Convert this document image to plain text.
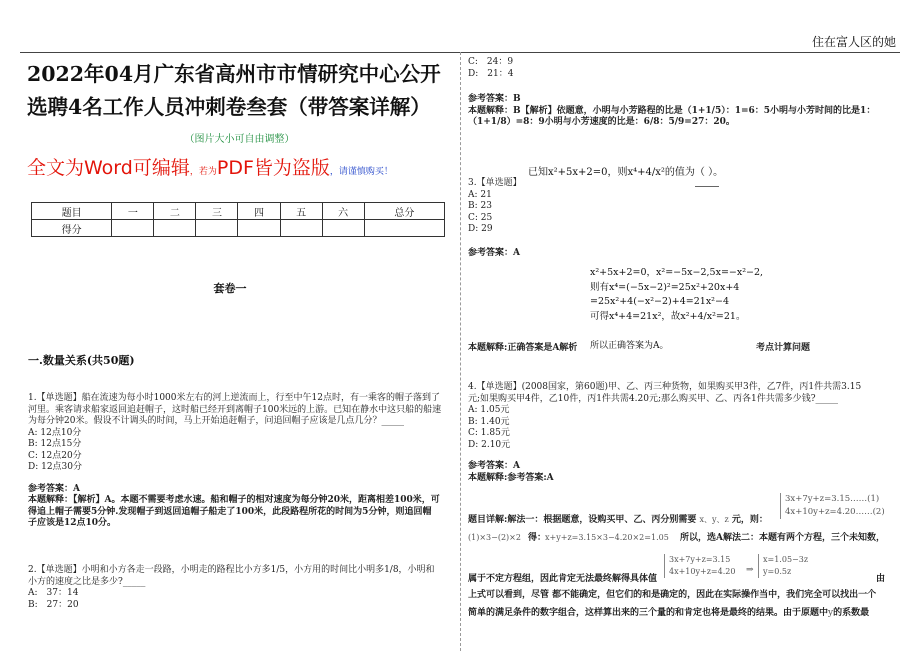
住在富人区的她

2022年04月广东省高州市市情研究中心公开

选聘4名工作人员冲刺卷叁套（带答案详解）

（图片大小可自由调整）
全文为Word可编辑，若为PDF皆为盗版，请谨慎购买！
题目	一	二	三	四	五	六	总分
得分							
套卷一
一.数量关系(共50题)
1.【单选题】船在流速为每小时1000米左右的河上逆流而上，行至中午12点时，有一乘客的帽子落到了
河里。乘客请求船家返回追赶帽子，这时船已经开到离帽子100米远的上游。已知在静水中这只船的船速
为每分钟20米。假设不计调头的时间，马上开始追赶帽子，问追回帽子应该是几点几分？_____
A: 12点10分
B: 12点15分
C: 12点20分
D: 12点30分
参考答案：A
本题解释：【解析】A。本题不需要考虑水速。船和帽子的相对速度为每分钟20米，距离相差100米，可
得追上帽子需要5分钟.发现帽子到返回追帽子船走了100米，此段路程所花的时间为5分钟，则追回帽
子应该是12点10分。
2.【单选题】小明和小方各走一段路，小明走的路程比小方多1/5，小方用的时间比小明多1/8，小明和
小方的速度之比是多少?_____
A:　37：14
B:　27：20
C:　24：9
D:　21：4
参考答案：B
本题解释：B【解析】依题意，小明与小芳路程的比是（1+1/5）：1=6：5小明与小芳时间的比是1：
（1+1/8）=8：9小明与小芳速度的比是：6/8：5/9=27：20。
已知x²+5x+2=0，则x⁴+4/x²的值为（ ）。
3.【单选题】
A: 21
B: 23
C: 25
D: 29
参考答案：A
x²+5x+2=0，x²=−5x−2,5x=−x²−2,
则有x⁴=(−5x−2)²=25x²+20x+4
=25x²+4(−x²−2)+4=21x²−4
可得x⁴+4=21x²，故x²+4/x²=21。
本题解释:正确答案是A解析 所以正确答案为A。	考点计算问题
4.【单选题】(2008国家，第60题)甲、乙、丙三种货物，如果购买甲3件，乙7件，丙1件共需3.15
元;如果购买甲4件，乙10件，丙1件共需4.20元;那么购买甲、乙、丙各1件共需多少钱?_____
A: 1.05元
B: 1.40元
C: 1.85元
D: 2.10元
参考答案：A
本题解释:参考答案:A
题目详解:解法一：根据题意，设购买甲、乙、丙分别需要 x、y、z 元，则：
3x+7y+z=3.15……(1)
4x+10y+z=4.20……(2)
(1)×3−(2)×2 得：
x+y+z=3.15×3−4.20×2=1.05 所以，选A解法二：本题有两个方程，三个未知数，
3x+7y+z=3.15
4x+10y+z=4.20 ⇒
x=1.05−3z
y=0.5z
属于不定方程组，因此肯定无法最终解得具体值	由
上式可以看到，尽管 都不能确定，但它们的和是确定的，因此在实际操作当中，我们完全可以找出一个
简单的满足条件的数字组合，这样算出来的三个量的和肯定也将是最终的结果。由于原题中y的系数最
